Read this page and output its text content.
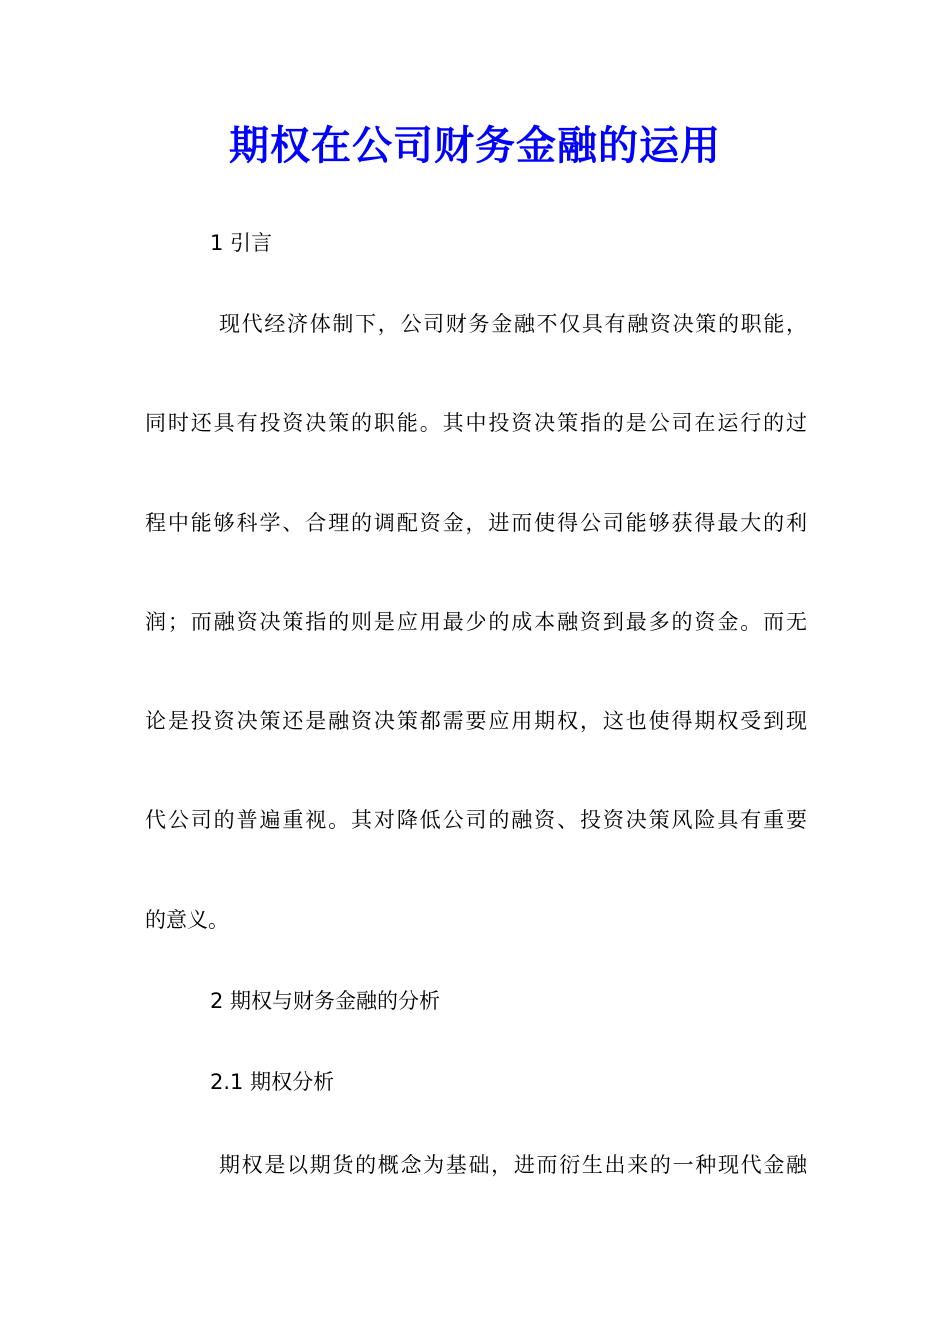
期权在公司财务金融的运用
1 引言
现代经济体制下，公司财务金融不仅具有融资决策的职能，
同时还具有投资决策的职能。其中投资决策指的是公司在运行的过
程中能够科学、合理的调配资金，进而使得公司能够获得最大的利
润；而融资决策指的则是应用最少的成本融资到最多的资金。而无
论是投资决策还是融资决策都需要应用期权，这也使得期权受到现
代公司的普遍重视。其对降低公司的融资、投资决策风险具有重要
的意义。
2 期权与财务金融的分析
2.1 期权分析
期权是以期货的概念为基础，进而衍生出来的一种现代金融
